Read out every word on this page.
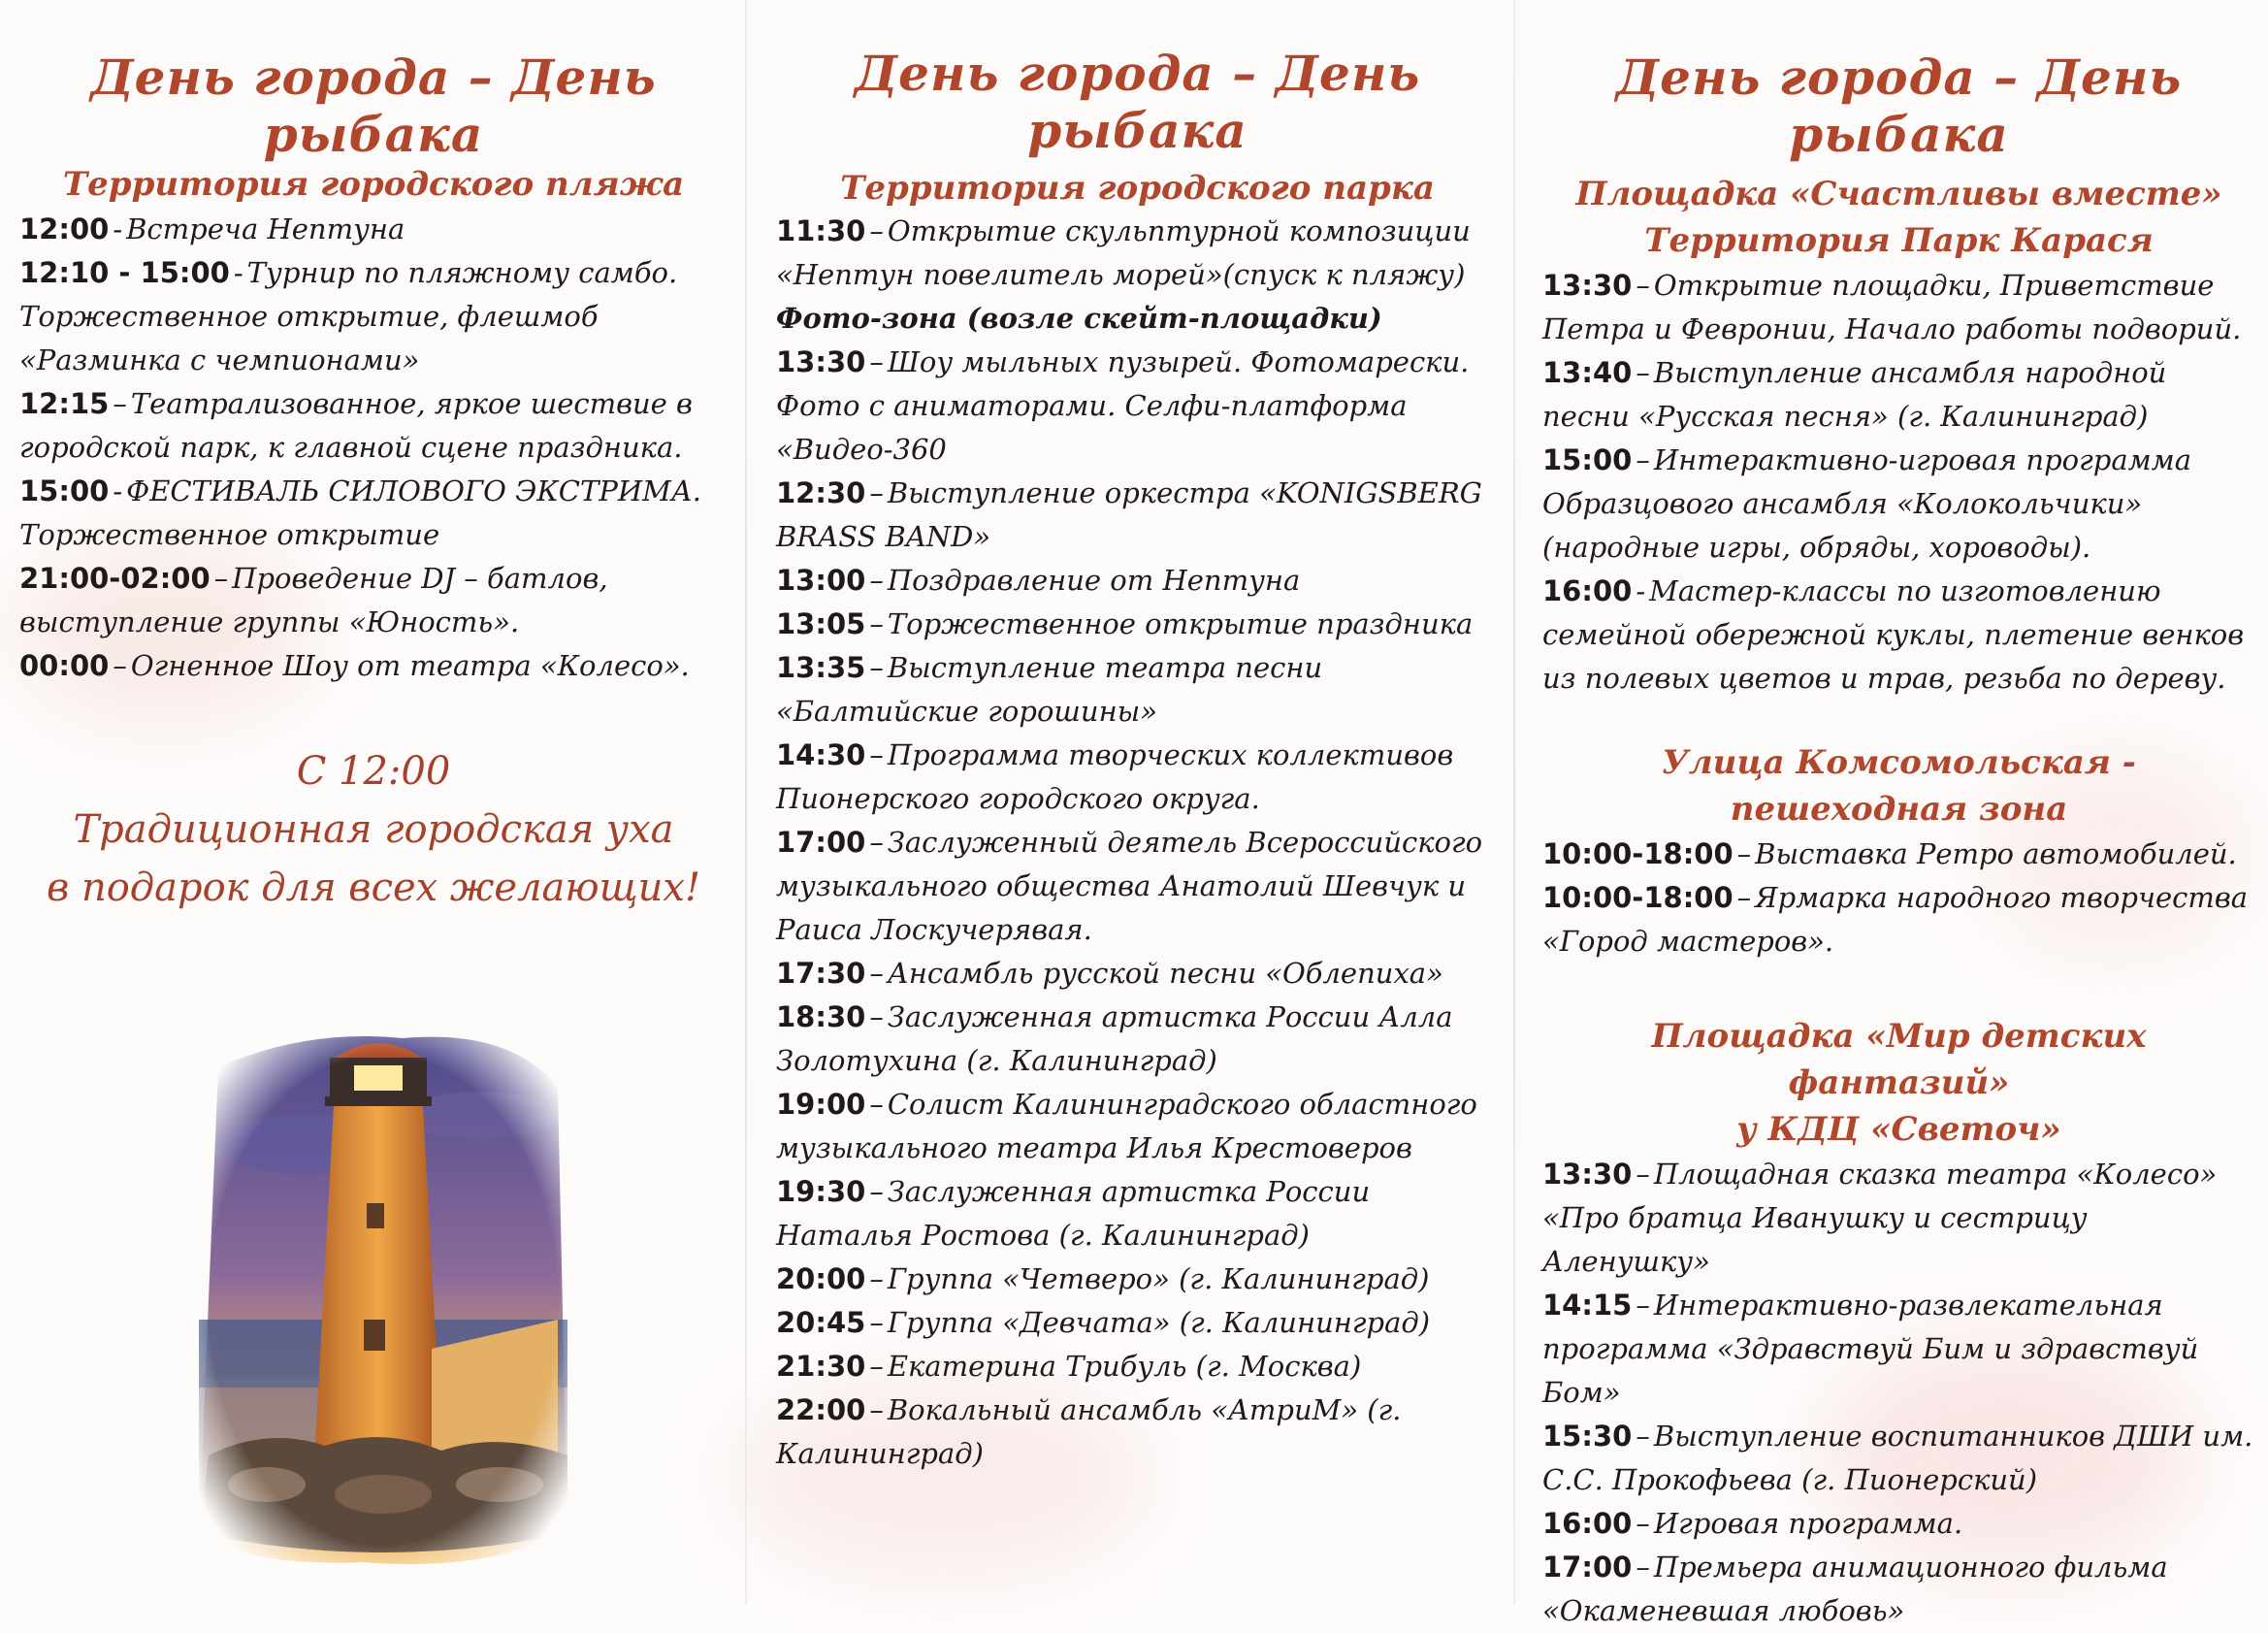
День города – День рыбака
Территория городского пляжа
12:00 - Встреча Нептуна
12:10 - 15:00 - Турнир по пляжному самбо. Торжественное открытие, флешмоб «Разминка с чемпионами»
12:15 – Театрализованное, яркое шествие в городской парк, к главной сцене праздника.
15:00 - ФЕСТИВАЛЬ СИЛОВОГО ЭКСТРИМА. Торжественное открытие
21:00-02:00 – Проведение DJ – батлов, выступление группы «Юность».
00:00 – Огненное Шоу от театра «Колесо».
С 12:00
Традиционная городская уха
в подарок для всех желающих!
День города – День рыбака
Территория городского парка
11:30 – Открытие скульптурной композиции «Нептун повелитель морей»(спуск к пляжу)
Фото-зона (возле скейт-площадки)
13:30 – Шоу мыльных пузырей. Фотомарески. Фото с аниматорами. Селфи-платформа «Видео-360
12:30 – Выступление оркестра «KONIGSBERG BRASS BAND»
13:00 – Поздравление от Нептуна
13:05 – Торжественное открытие праздника
13:35 – Выступление театра песни «Балтийские горошины»
14:30 – Программа творческих коллективов Пионерского городского округа.
17:00 – Заслуженный деятель Всероссийского музыкального общества Анатолий Шевчук и Раиса Лоскучерявая.
17:30 – Ансамбль русской песни «Облепиха»
18:30 – Заслуженная артистка России Алла Золотухина (г. Калининград)
19:00 – Солист Калининградского областного музыкального театра Илья Крестоверов
19:30 – Заслуженная артистка России Наталья Ростова (г. Калининград)
20:00 – Группа «Четверо» (г. Калининград)
20:45 – Группа «Девчата» (г. Калининград)
21:30 – Екатерина Трибуль (г. Москва)
22:00 – Вокальный ансамбль «АтриМ» (г. Калининград)
День города – День рыбака
Площадка «Счастливы вместе»
Территория Парк Карася
13:30 – Открытие площадки, Приветствие Петра и Февронии, Начало работы подворий.
13:40 – Выступление ансамбля народной песни «Русская песня» (г. Калининград)
15:00 – Интерактивно-игровая программа Образцового ансамбля «Колокольчики» (народные игры, обряды, хороводы).
16:00 - Мастер-классы по изготовлению семейной обережной куклы, плетение венков из полевых цветов и трав, резьба по дереву.
Улица Комсомольская -
пешеходная зона
10:00-18:00 – Выставка Ретро автомобилей.
10:00-18:00 – Ярмарка народного творчества «Город мастеров».
Площадка «Мир детских фантазий»
у КДЦ «Светоч»
13:30 – Площадная сказка театра «Колесо» «Про братца Иванушку и сестрицу Аленушку»
14:15 – Интерактивно-развлекательная программа «Здравствуй Бим и здравствуй Бом»
15:30 – Выступление воспитанников ДШИ им. С.С. Прокофьева (г. Пионерский)
16:00 – Игровая программа.
17:00 – Премьера анимационного фильма «Окаменевшая любовь»
